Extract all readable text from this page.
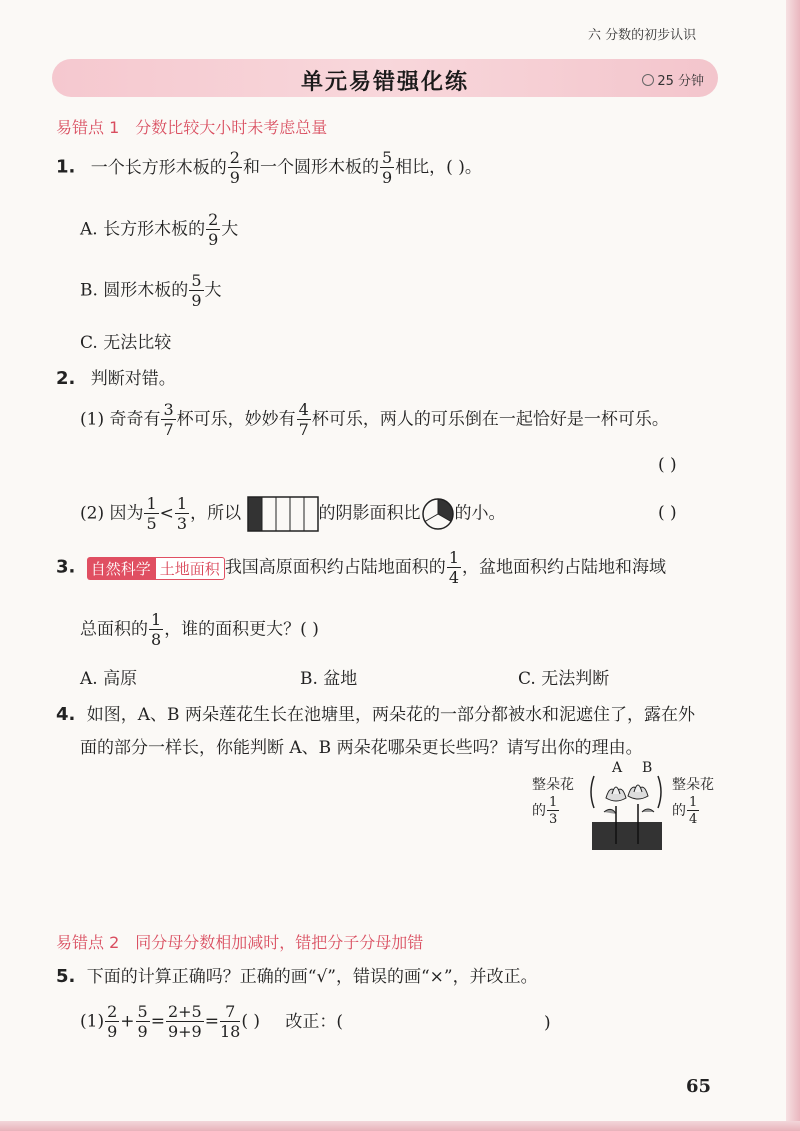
六 分数的初步认识
单元易错强化练	25 分钟
易错点 1 分数比较大小时未考虑总量
1. 一个长方形木板的 $\frac{2}{9}$ 和一个圆形木板的 $\frac{5}{9}$ 相比，( )。
A. 长方形木板的 $\frac{2}{9}$ 大
B. 圆形木板的 $\frac{5}{9}$ 大
C. 无法比较
2. 判断对错。
(1) 奇奇有 $\frac{3}{7}$ 杯可乐，妙妙有 $\frac{4}{7}$ 杯可乐，两人的可乐倒在一起恰好是一杯可乐。
( )
(2) 因为 $\frac{1}{5} < \frac{1}{3}$ ，所以	的阴影面积比 的小。	( )
3. 自然科学 土地面积 我国高原面积约占陆地面积的 $\frac{1}{4}$ ，盆地面积约占陆地和海域
总面积的 $\frac{1}{8}$ ，谁的面积更大？( )
A. 高原	B. 盆地	C. 无法判断
4. 如图，A、B 两朵莲花生长在池塘里，两朵花的一部分都被水和泥遮住了，露在外
面的部分一样长，你能判断 A、B 两朵花哪朵更长些吗？请写出你的理由。
整朵花
的 $\frac{1}{3}$
整朵花
的 $\frac{1}{4}$
A B
易错点 2 同分母分数相加减时，错把分子分母加错
5. 下面的计算正确吗？正确的画“√”，错误的画“×”，并改正。
$(1) \frac{2}{9} + \frac{5}{9} = \frac{2+5}{9+9} = \frac{7}{18}$ ( ) 改正：(	)
65
